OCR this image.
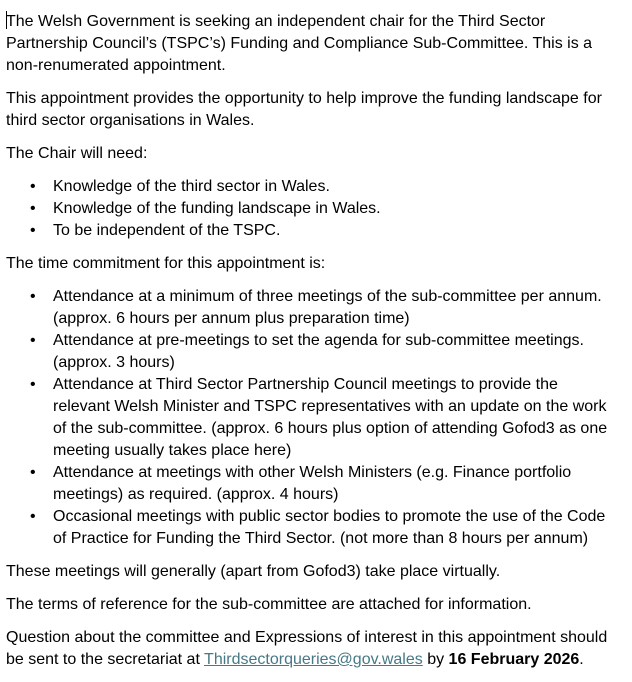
The Welsh Government is seeking an independent chair for the Third Sector Partnership Council’s (TSPC’s) Funding and Compliance Sub-Committee. This is a non-renumerated appointment.

This appointment provides the opportunity to help improve the funding landscape for third sector organisations in Wales.

The Chair will need:

• Knowledge of the third sector in Wales.
• Knowledge of the funding landscape in Wales.
• To be independent of the TSPC.

The time commitment for this appointment is:

• Attendance at a minimum of three meetings of the sub-committee per annum. (approx. 6 hours per annum plus preparation time)
• Attendance at pre-meetings to set the agenda for sub-committee meetings. (approx. 3 hours)
• Attendance at Third Sector Partnership Council meetings to provide the relevant Welsh Minister and TSPC representatives with an update on the work of the sub-committee. (approx. 6 hours plus option of attending Gofod3 as one meeting usually takes place here)
• Attendance at meetings with other Welsh Ministers (e.g. Finance portfolio meetings) as required. (approx. 4 hours)
• Occasional meetings with public sector bodies to promote the use of the Code of Practice for Funding the Third Sector. (not more than 8 hours per annum)

These meetings will generally (apart from Gofod3) take place virtually.

The terms of reference for the sub-committee are attached for information.

Question about the committee and Expressions of interest in this appointment should be sent to the secretariat at Thirdsectorqueries@gov.wales by 16 February 2026.
